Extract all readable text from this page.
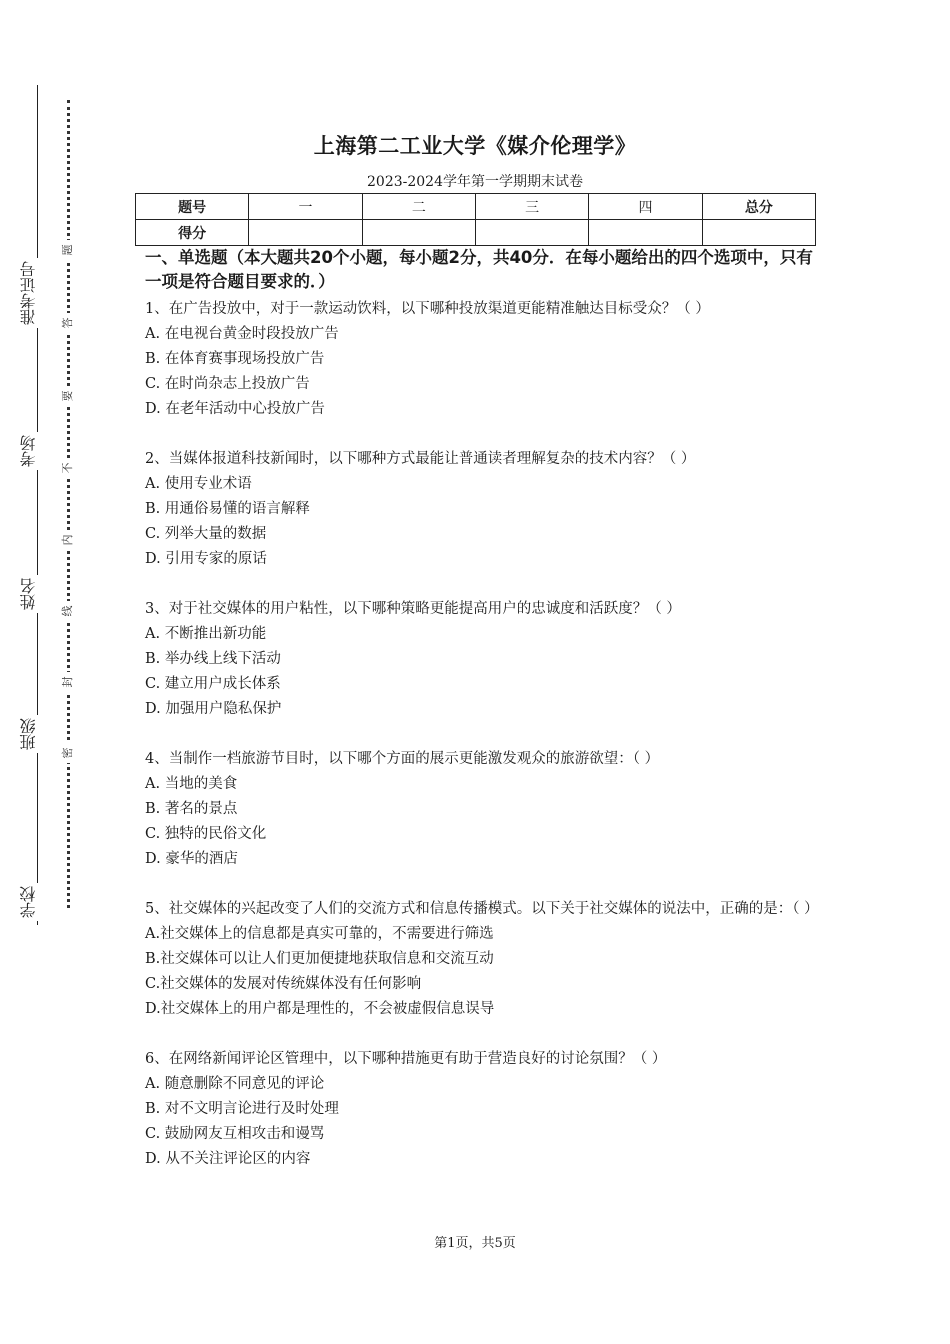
准考证号
考场
姓名
班级
学校
题
答
要
不
内
线
封
密
上海第二工业大学《媒介伦理学》
2023-2024学年第一学期期末试卷
题号	一	二	三	四	总分
得分					
一、单选题（本大题共20个小题，每小题2分，共40分．在每小题给出的四个选项中，只有一项是符合题目要求的．）
1、在广告投放中，对于一款运动饮料，以下哪种投放渠道更能精准触达目标受众？（ ）
A. 在电视台黄金时段投放广告
B. 在体育赛事现场投放广告
C. 在时尚杂志上投放广告
D. 在老年活动中心投放广告
2、当媒体报道科技新闻时，以下哪种方式最能让普通读者理解复杂的技术内容？（ ）
A. 使用专业术语
B. 用通俗易懂的语言解释
C. 列举大量的数据
D. 引用专家的原话
3、对于社交媒体的用户粘性，以下哪种策略更能提高用户的忠诚度和活跃度？（ ）
A. 不断推出新功能
B. 举办线上线下活动
C. 建立用户成长体系
D. 加强用户隐私保护
4、当制作一档旅游节目时，以下哪个方面的展示更能激发观众的旅游欲望：（ ）
A. 当地的美食
B. 著名的景点
C. 独特的民俗文化
D. 豪华的酒店
5、社交媒体的兴起改变了人们的交流方式和信息传播模式。以下关于社交媒体的说法中，正确的是：（ ）
A.社交媒体上的信息都是真实可靠的，不需要进行筛选
B.社交媒体可以让人们更加便捷地获取信息和交流互动
C.社交媒体的发展对传统媒体没有任何影响
D.社交媒体上的用户都是理性的，不会被虚假信息误导
6、在网络新闻评论区管理中，以下哪种措施更有助于营造良好的讨论氛围？（ ）
A. 随意删除不同意见的评论
B. 对不文明言论进行及时处理
C. 鼓励网友互相攻击和谩骂
D. 从不关注评论区的内容
第1页，共5页
